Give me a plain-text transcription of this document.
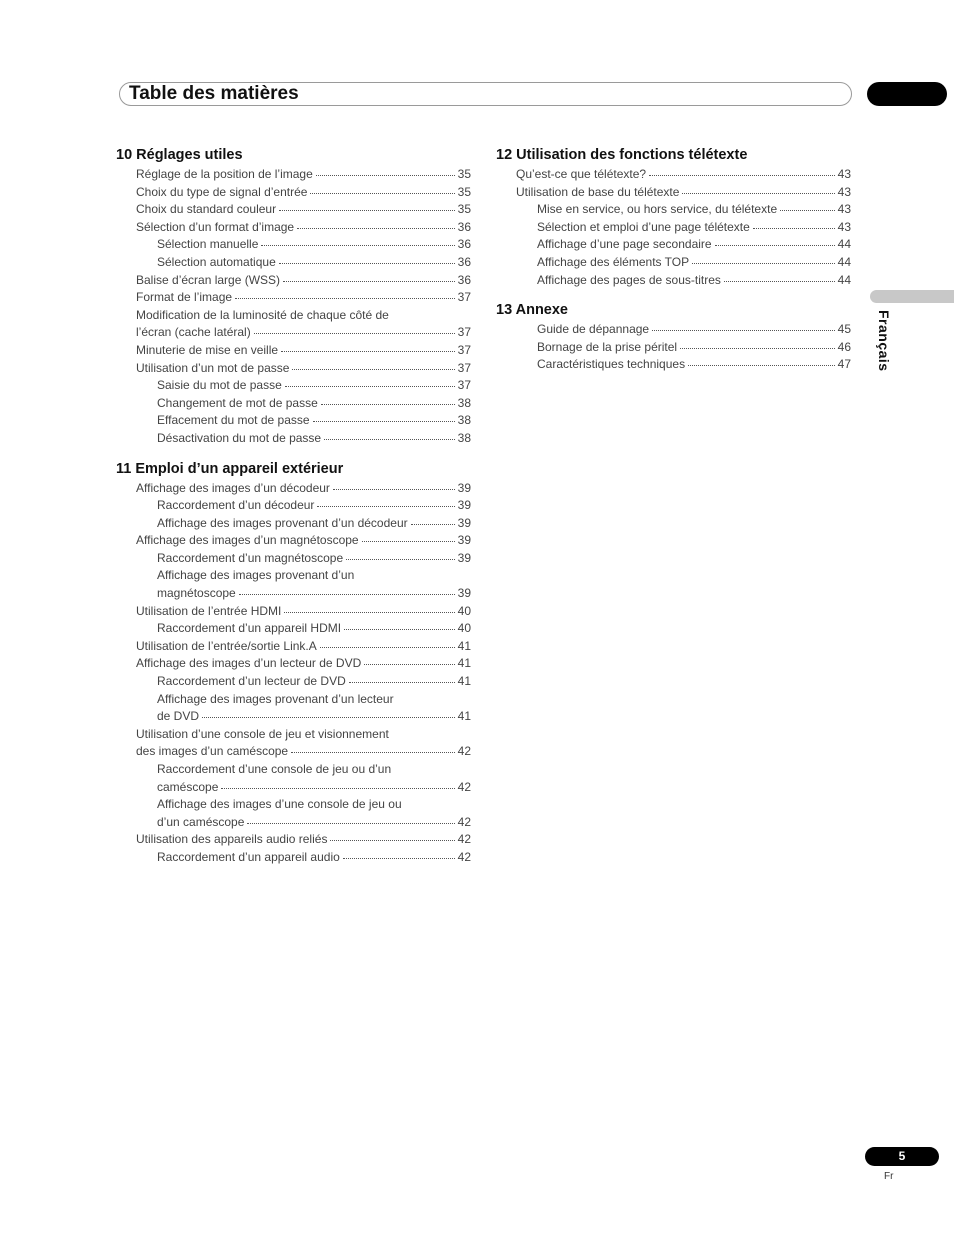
Table des matières
Français
10 Réglages utiles
Réglage de la position de l’image	35
Choix du type de signal d’entrée	35
Choix du standard couleur	35
Sélection d’un format d’image	36
Sélection manuelle	36
Sélection automatique	36
Balise d’écran large (WSS)	36
Format de l’image	37
Modification de la luminosité de chaque côté de
l’écran (cache latéral)	37
Minuterie de mise en veille	37
Utilisation d’un mot de passe	37
Saisie du mot de passe	37
Changement de mot de passe	38
Effacement du mot de passe	38
Désactivation du mot de passe	38
11 Emploi d’un appareil extérieur
Affichage des images d’un décodeur	39
Raccordement d’un décodeur	39
Affichage des images provenant d’un décodeur	39
Affichage des images d’un magnétoscope	39
Raccordement d’un magnétoscope	39
Affichage des images provenant d’un
magnétoscope	39
Utilisation de l’entrée HDMI	40
Raccordement d’un appareil HDMI	40
Utilisation de l’entrée/sortie Link.A	41
Affichage des images d’un lecteur de DVD	41
Raccordement d’un lecteur de DVD	41
Affichage des images provenant d’un lecteur
de DVD	41
Utilisation d’une console de jeu et visionnement
des images d’un caméscope	42
Raccordement d’une console de jeu ou d’un
caméscope	42
Affichage des images d’une console de jeu ou
d’un caméscope	42
Utilisation des appareils audio reliés	42
Raccordement d’un appareil audio	42
12 Utilisation des fonctions télétexte
Qu’est-ce que télétexte?	43
Utilisation de base du télétexte	43
Mise en service, ou hors service, du télétexte	43
Sélection et emploi d’une page télétexte	43
Affichage d’une page secondaire	44
Affichage des éléments TOP	44
Affichage des pages de sous-titres	44
13 Annexe
Guide de dépannage	45
Bornage de la prise péritel	46
Caractéristiques techniques	47
5
Fr
